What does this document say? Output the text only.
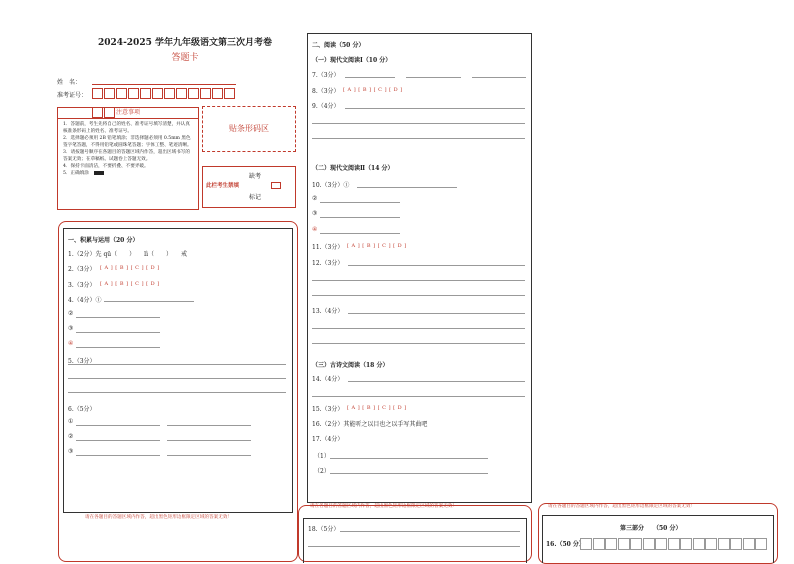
2024-2025 学年九年级语文第三次月考卷
答题卡
姓　名：
准考证号：
注意事项
1．答题前，考生先将自己的姓名、准考证号填写清楚，并认真核准条形码上的姓名、准考证号。
2．选择题必须用 2B 铅笔填涂；非选择题必须用 0.5mm 黑色签字笔答题，不得用铅笔或圆珠笔答题；字体工整、笔迹清晰。
3．请按题号顺序在各题目的答题区域内作答，超出区域书写的答案无效；在草稿纸、试题卷上答题无效。
4．保持卡面清洁，不要折叠、不要弄破。
5．正确填涂
贴条形码区
缺考
此栏考生禁填
标记
一、积累与运用（20 分）
1.（2分）先 qū（　　）　　lì（　　）　　戒
2.（3分） [ A ] [ B ] [ C ] [ D ]
3.（3分） [ A ] [ B ] [ C ] [ D ]
4.（4分）①
②
③
④
5.（3分）
6.（5分）
①
②
③
请在各题目的答题区域内作答，超出黑色矩形边框限定区域的答案无效！
二、阅读（50 分）
（一）现代文阅读Ⅰ（10 分）
7.（3分）
8.（3分） [ A ] [ B ] [ C ] [ D ]
9.（4分）
（二）现代文阅读Ⅱ（14 分）
10.（3分）①
②
③
④
11.（3分） [ A ] [ B ] [ C ] [ D ]
12.（3分）
13.（4分）
（三）古诗文阅读（18 分）
14.（4分）
15.（3分） [ A ] [ B ] [ C ] [ D ]
16.（2分）其能听之以目也之以手写其曲吧
17.（4分）
（1）
（2）
请在各题目的答题区域内作答，超出黑色矩形边框限定区域的答案无效！
18.（5分）
请在各题目的答题区域内作答，超出黑色矩形边框限定区域的答案无效！
第三部分　　（50 分）
16.（50 分）
